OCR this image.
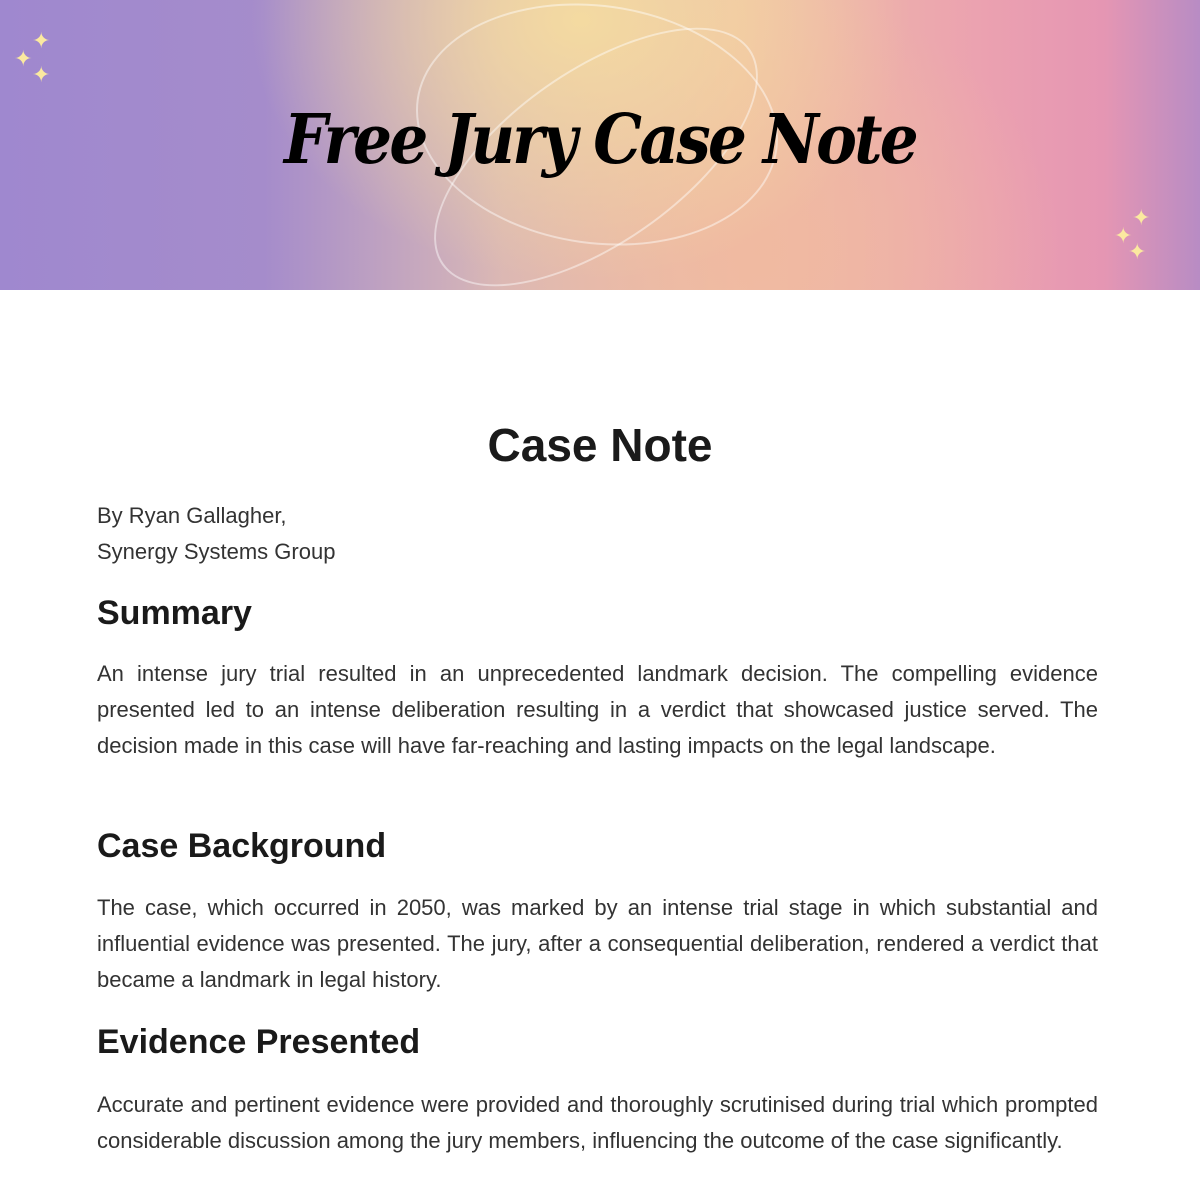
✦
✦
✦
✦
✦
✦
Free Jury Case Note
Case Note
By Ryan Gallagher,
Synergy Systems Group
Summary

An intense jury trial resulted in an unprecedented landmark decision. The compelling evidence presented led to an intense deliberation resulting in a verdict that showcased justice served. The decision made in this case will have far-reaching and lasting impacts on the legal landscape.

Case Background

The case, which occurred in 2050, was marked by an intense trial stage in which substantial and influential evidence was presented. The jury, after a consequential deliberation, rendered a verdict that became a landmark in legal history.

Evidence Presented

Accurate and pertinent evidence were provided and thoroughly scrutinised during trial which prompted considerable discussion among the jury members, influencing the outcome of the case significantly.
